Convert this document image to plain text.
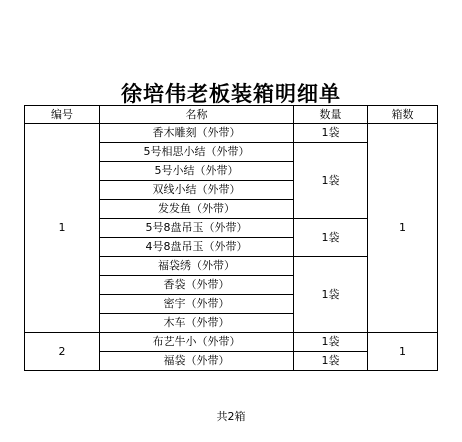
徐培伟老板装箱明细单
编号	名称	数量	箱数
1	香木雕刻（外带）	1袋	1
	5号相思小结（外带）	1袋	
	5号小结（外带）		
	双线小结（外带）		
	发发鱼（外带）		
	5号8盘吊玉（外带）	1袋	
	4号8盘吊玉（外带）		
	福袋绣（外带）	1袋	
	香袋（外带）		
	密宇（外带）		
	木车（外带）		
2	布艺牛小（外带）	1袋	1
	福袋（外带）	1袋	
共2箱
